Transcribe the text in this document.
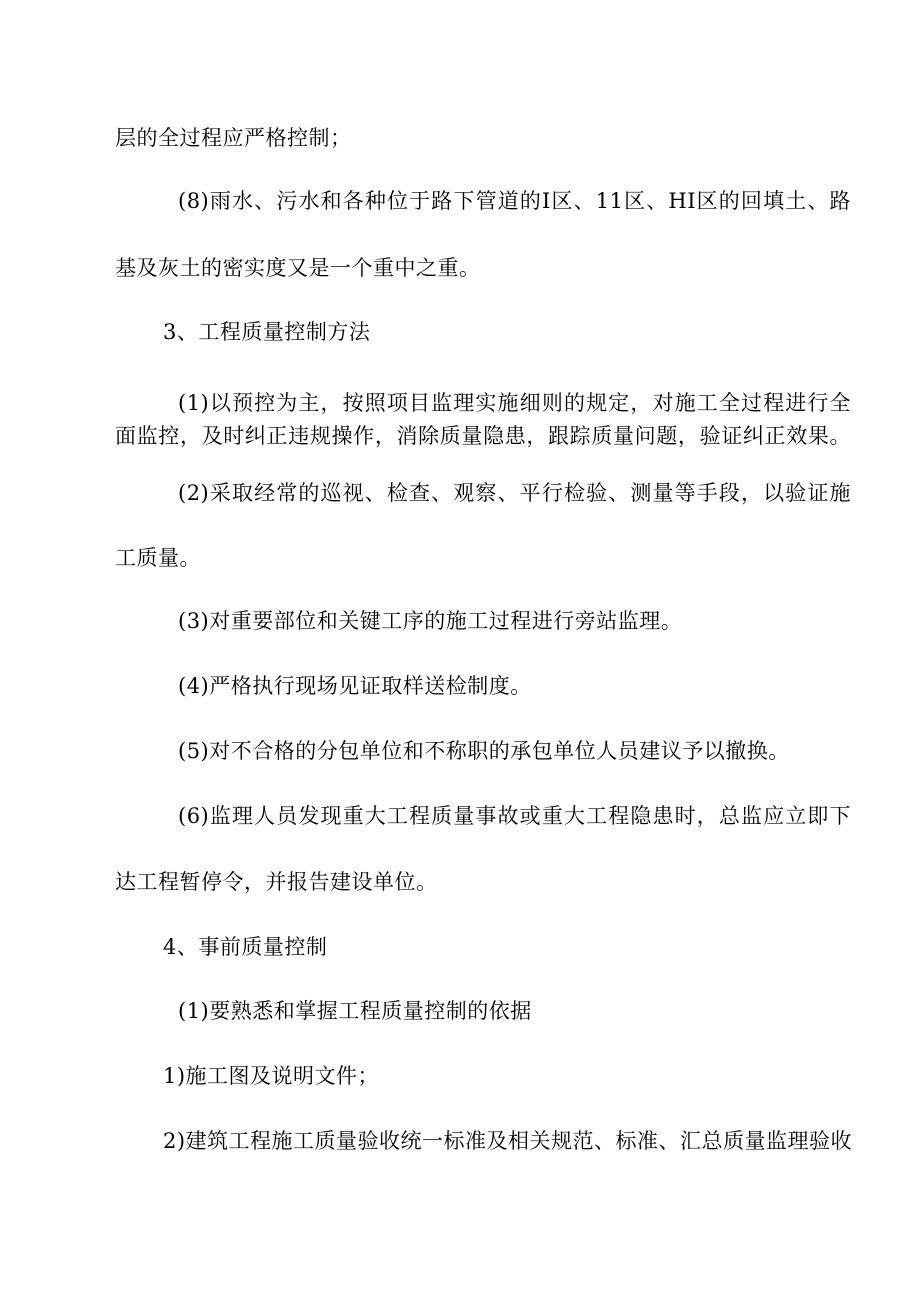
层的全过程应严格控制；
(8)雨水、污水和各种位于路下管道的Ⅰ区、11区、HI区的回填土、路
基及灰土的密实度又是一个重中之重。
3、工程质量控制方法
(1)以预控为主，按照项目监理实施细则的规定，对施工全过程进行全
面监控，及时纠正违规操作，消除质量隐患，跟踪质量问题，验证纠正效果。
(2)采取经常的巡视、检查、观察、平行检验、测量等手段，以验证施
工质量。
(3)对重要部位和关键工序的施工过程进行旁站监理。
(4)严格执行现场见证取样送检制度。
(5)对不合格的分包单位和不称职的承包单位人员建议予以撤换。
(6)监理人员发现重大工程质量事故或重大工程隐患时，总监应立即下
达工程暂停令，并报告建设单位。
4、事前质量控制
(1)要熟悉和掌握工程质量控制的依据
1)施工图及说明文件；
2)建筑工程施工质量验收统一标准及相关规范、标准、汇总质量监理验收
